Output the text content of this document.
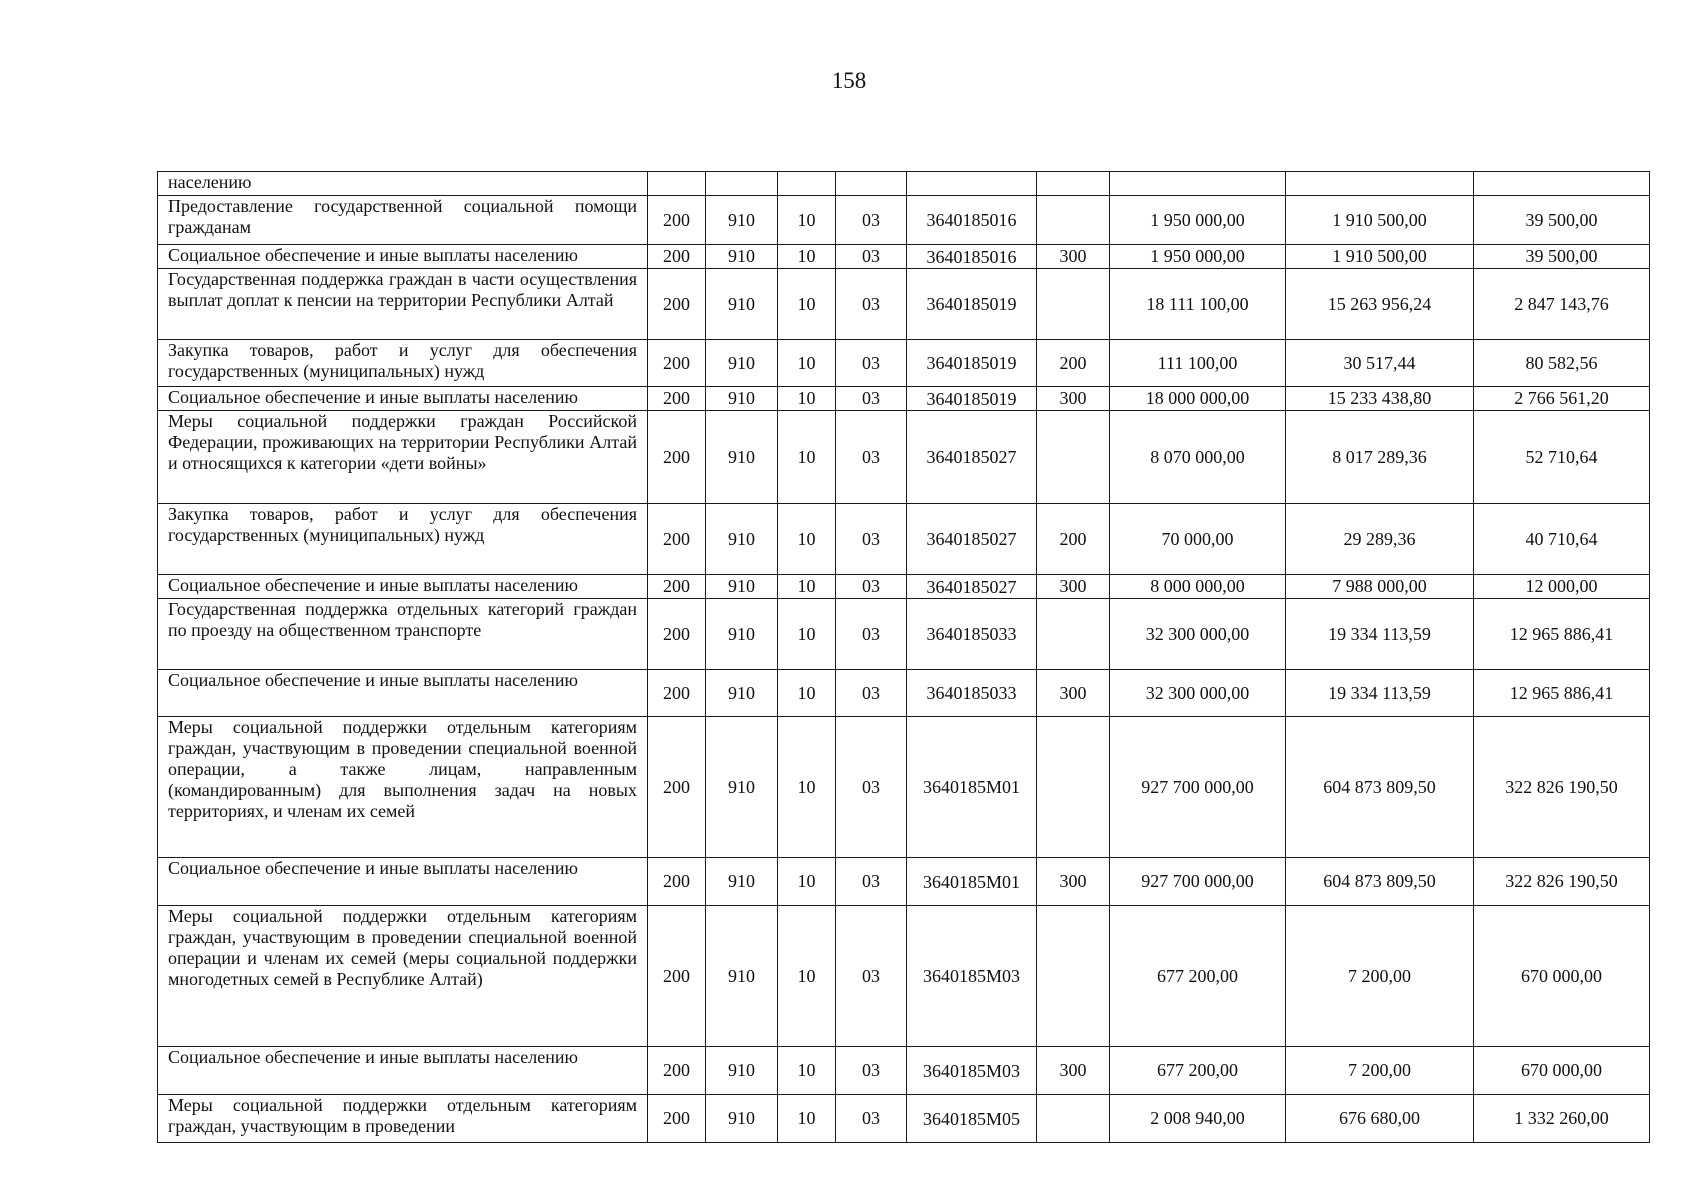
158
населению									
Предоставление государственной социальной помощи гражданам	200	910	10	03	3640185016		1 950 000,00	1 910 500,00	39 500,00
Социальное обеспечение и иные выплаты населению	200	910	10	03	3640185016	300	1 950 000,00	1 910 500,00	39 500,00
Государственная поддержка граждан в части осуществления выплат доплат к пенсии на территории Республики Алтай	200	910	10	03	3640185019		18 111 100,00	15 263 956,24	2 847 143,76
Закупка товаров, работ и услуг для обеспечения государственных (муниципальных) нужд	200	910	10	03	3640185019	200	111 100,00	30 517,44	80 582,56
Социальное обеспечение и иные выплаты населению	200	910	10	03	3640185019	300	18 000 000,00	15 233 438,80	2 766 561,20
Меры социальной поддержки граждан Российской Федерации, проживающих на территории Республики Алтай и относящихся к категории «дети войны»	200	910	10	03	3640185027		8 070 000,00	8 017 289,36	52 710,64
Закупка товаров, работ и услуг для обеспечения государственных (муниципальных) нужд	200	910	10	03	3640185027	200	70 000,00	29 289,36	40 710,64
Социальное обеспечение и иные выплаты населению	200	910	10	03	3640185027	300	8 000 000,00	7 988 000,00	12 000,00
Государственная поддержка отдельных категорий граждан по проезду на общественном транспорте	200	910	10	03	3640185033		32 300 000,00	19 334 113,59	12 965 886,41
Социальное обеспечение и иные выплаты населению	200	910	10	03	3640185033	300	32 300 000,00	19 334 113,59	12 965 886,41
Меры социальной поддержки отдельным категориям граждан, участвующим в проведении специальной военной операции, а также лицам, направленным (командированным) для выполнения задач на новых территориях, и членам их семей	200	910	10	03	3640185M01		927 700 000,00	604 873 809,50	322 826 190,50
Социальное обеспечение и иные выплаты населению	200	910	10	03	3640185M01	300	927 700 000,00	604 873 809,50	322 826 190,50
Меры социальной поддержки отдельным категориям граждан, участвующим в проведении специальной военной операции и членам их семей (меры социальной поддержки многодетных семей в Республике Алтай)	200	910	10	03	3640185M03		677 200,00	7 200,00	670 000,00
Социальное обеспечение и иные выплаты населению	200	910	10	03	3640185M03	300	677 200,00	7 200,00	670 000,00
Меры социальной поддержки отдельным категориям граждан, участвующим в проведении	200	910	10	03	3640185M05		2 008 940,00	676 680,00	1 332 260,00
